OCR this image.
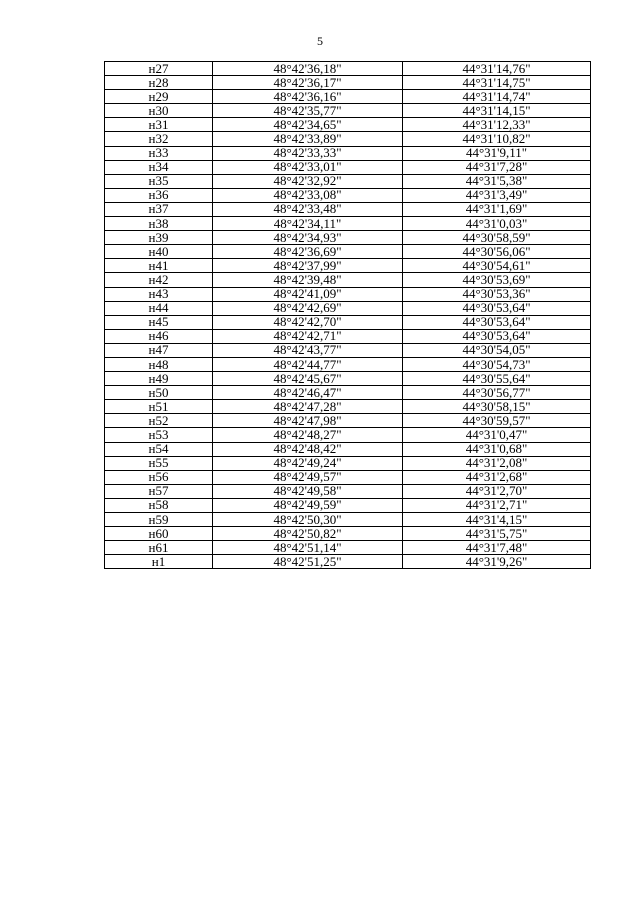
5
н27	48°42'36,18"	44°31'14,76"
н28	48°42'36,17"	44°31'14,75"
н29	48°42'36,16"	44°31'14,74"
н30	48°42'35,77"	44°31'14,15"
н31	48°42'34,65"	44°31'12,33"
н32	48°42'33,89"	44°31'10,82"
н33	48°42'33,33"	44°31'9,11"
н34	48°42'33,01"	44°31'7,28"
н35	48°42'32,92"	44°31'5,38"
н36	48°42'33,08"	44°31'3,49"
н37	48°42'33,48"	44°31'1,69"
н38	48°42'34,11"	44°31'0,03"
н39	48°42'34,93"	44°30'58,59"
н40	48°42'36,69"	44°30'56,06"
н41	48°42'37,99"	44°30'54,61"
н42	48°42'39,48"	44°30'53,69"
н43	48°42'41,09"	44°30'53,36"
н44	48°42'42,69"	44°30'53,64"
н45	48°42'42,70"	44°30'53,64"
н46	48°42'42,71"	44°30'53,64"
н47	48°42'43,77"	44°30'54,05"
н48	48°42'44,77"	44°30'54,73"
н49	48°42'45,67"	44°30'55,64"
н50	48°42'46,47"	44°30'56,77"
н51	48°42'47,28"	44°30'58,15"
н52	48°42'47,98"	44°30'59,57"
н53	48°42'48,27"	44°31'0,47"
н54	48°42'48,42"	44°31'0,68"
н55	48°42'49,24"	44°31'2,08"
н56	48°42'49,57"	44°31'2,68"
н57	48°42'49,58"	44°31'2,70"
н58	48°42'49,59"	44°31'2,71"
н59	48°42'50,30"	44°31'4,15"
н60	48°42'50,82"	44°31'5,75"
н61	48°42'51,14"	44°31'7,48"
н1	48°42'51,25"	44°31'9,26"
